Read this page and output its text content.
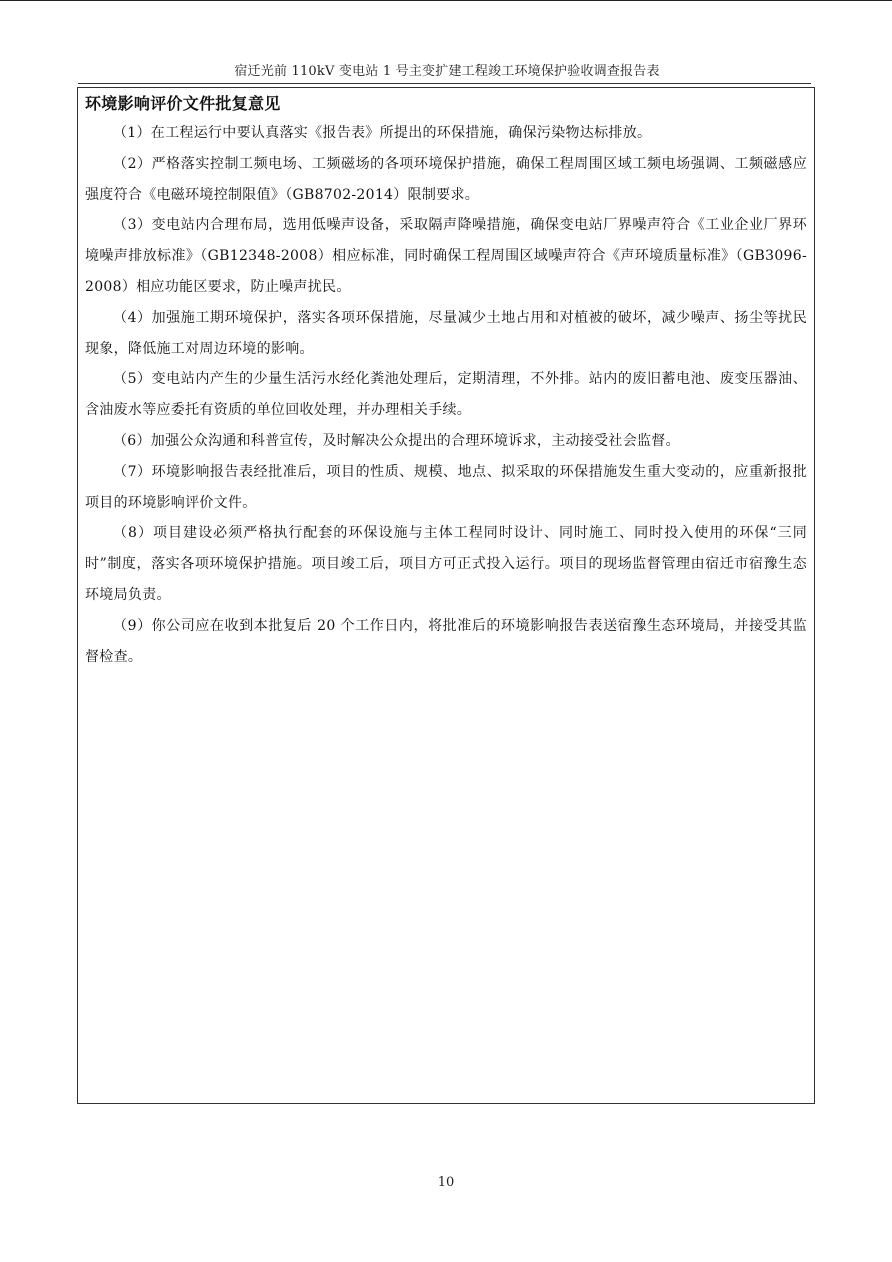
宿迁光前 110kV 变电站 1 号主变扩建工程竣工环境保护验收调查报告表
环境影响评价文件批复意见

（1）在工程运行中要认真落实《报告表》所提出的环保措施，确保污染物达标排放。

（2）严格落实控制工频电场、工频磁场的各项环境保护措施，确保工程周围区域工频电场强调、工频磁感应强度符合《电磁环境控制限值》（GB8702-2014）限制要求。

（3）变电站内合理布局，选用低噪声设备，采取隔声降噪措施，确保变电站厂界噪声符合《工业企业厂界环境噪声排放标准》（GB12348-2008）相应标准，同时确保工程周围区域噪声符合《声环境质量标准》（GB3096-2008）相应功能区要求，防止噪声扰民。

（4）加强施工期环境保护，落实各项环保措施，尽量减少土地占用和对植被的破坏，减少噪声、扬尘等扰民现象，降低施工对周边环境的影响。

（5）变电站内产生的少量生活污水经化粪池处理后，定期清理，不外排。站内的废旧蓄电池、废变压器油、含油废水等应委托有资质的单位回收处理，并办理相关手续。

（6）加强公众沟通和科普宣传，及时解决公众提出的合理环境诉求，主动接受社会监督。

（7）环境影响报告表经批准后，项目的性质、规模、地点、拟采取的环保措施发生重大变动的，应重新报批项目的环境影响评价文件。

（8）项目建设必须严格执行配套的环保设施与主体工程同时设计、同时施工、同时投入使用的环保“三同时”制度，落实各项环境保护措施。项目竣工后，项目方可正式投入运行。项目的现场监督管理由宿迁市宿豫生态环境局负责。

（9）你公司应在收到本批复后 20 个工作日内，将批准后的环境影响报告表送宿豫生态环境局，并接受其监督检查。

10
